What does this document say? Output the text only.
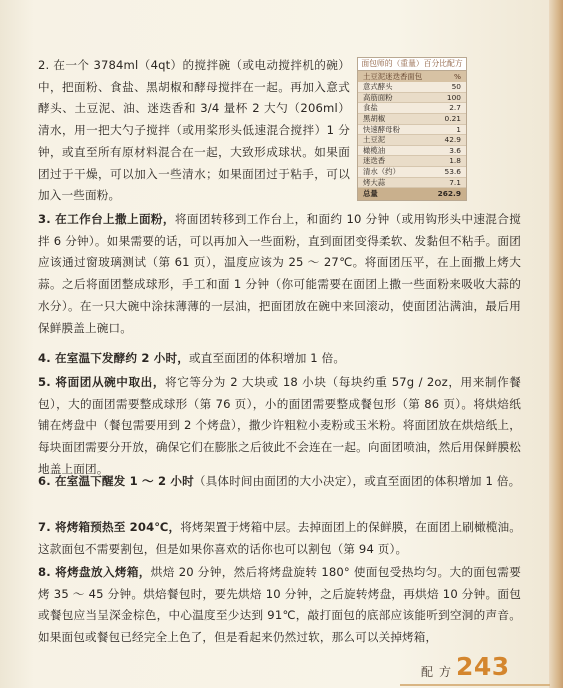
2. 在一个 3784ml（4qt）的搅拌碗（或电动搅拌机的碗）中，把面粉、食盐、黑胡椒和酵母搅拌在一起。再加入意式酵头、土豆泥、油、迷迭香和 3/4 量杯 2 大勺（206ml）清水，用一把大勺子搅拌（或用桨形头低速混合搅拌）1 分钟，或直至所有原材料混合在一起，大致形成球状。如果面团过于干燥，可以加入一些清水；如果面团过于粘手，可以加入一些面粉。

3. 在工作台上撒上面粉，将面团转移到工作台上，和面约 10 分钟（或用钩形头中速混合搅拌 6 分钟）。如果需要的话，可以再加入一些面粉，直到面团变得柔软、发黏但不粘手。面团应该通过窗玻璃测试（第 61 页），温度应该为 25 ～ 27℃。将面团压平，在上面撒上烤大蒜。之后将面团整成球形，手工和面 1 分钟（你可能需要在面团上撒一些面粉来吸收大蒜的水分）。在一只大碗中涂抹薄薄的一层油，把面团放在碗中来回滚动，使面团沾满油，最后用保鲜膜盖上碗口。

4. 在室温下发酵约 2 小时，或直至面团的体积增加 1 倍。

5. 将面团从碗中取出，将它等分为 2 大块或 18 小块（每块约重 57g / 2oz，用来制作餐包），大的面团需要整成球形（第 76 页），小的面团需要整成餐包形（第 86 页）。将烘焙纸铺在烤盘中（餐包需要用到 2 个烤盘），撒少许粗粒小麦粉或玉米粉。将面团放在烘焙纸上，每块面团需要分开放，确保它们在膨胀之后彼此不会连在一起。向面团喷油，然后用保鲜膜松地盖上面团。

6. 在室温下醒发 1 ～ 2 小时（具体时间由面团的大小决定），或直至面团的体积增加 1 倍。

7. 将烤箱预热至 204℃，将烤架置于烤箱中层。去掉面团上的保鲜膜，在面团上刷橄榄油。这款面包不需要割包，但是如果你喜欢的话你也可以割包（第 94 页）。

8. 将烤盘放入烤箱，烘焙 20 分钟，然后将烤盘旋转 180° 使面包受热均匀。大的面包需要烤 35 ～ 45 分钟。烘焙餐包时，要先烘焙 10 分钟，之后旋转烤盘，再烘焙 10 分钟。面包或餐包应当呈深金棕色，中心温度至少达到 91℃，敲打面包的底部应该能听到空洞的声音。如果面包或餐包已经完全上色了，但是看起来仍然过软，那么可以关掉烤箱，

面包师的（重量）百分比配方
土豆泥迷迭香面包	%
意式酵头	50
高筋面粉	100
食盐	2.7
黑胡椒	0.21
快速酵母粉	1
土豆泥	42.9
橄榄油	3.6
迷迭香	1.8
清水（约）	53.6
烤大蒜	7.1
总量	262.9
配方
243
